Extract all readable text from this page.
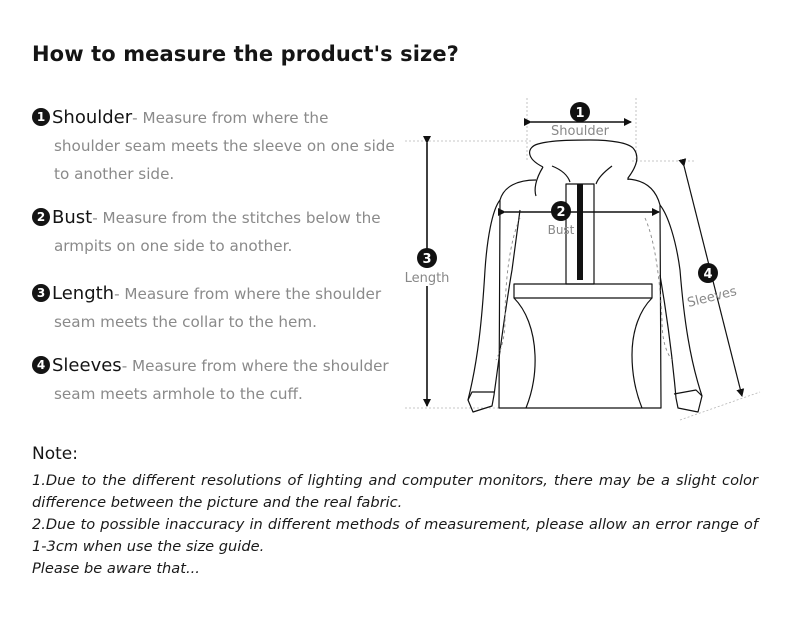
How to measure the product's size?
1 Shoulder- Measure from where the
shoulder seam meets the sleeve on one side to another side.
2 Bust- Measure from the stitches below the
armpits on one side to another.
3 Length- Measure from where the shoulder
seam meets the collar to the hem.
4 Sleeves- Measure from where the shoulder
seam meets armhole to the cuff.
1
Shoulder
2
Bust
3
Length	4
Sleeves
Note:
1.Due to the different resolutions of lighting and computer monitors, there may be a slight color difference between the picture and the real fabric.
2.Due to possible inaccuracy in different methods of measurement, please allow an error range of 1-3cm when use the size guide.
Please be aware that...
